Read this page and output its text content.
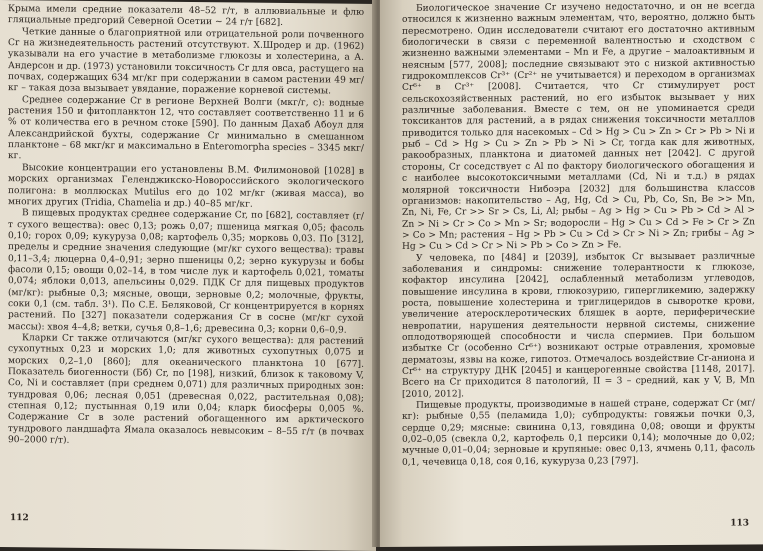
Крыма имели средние показатели 48–52 г/т, в аллювиальные и флю гляциальные предгорий Северной Осетии ~ 24 г/т [682].

Четкие данные о благоприятной или отрицательной роли почвенного Cr на жизнедеятельность растений отсутствуют. Х.Шродер и др. (1962) указывали на его участие в метаболизме глюкозы и холестерина, а А. Андерсон и др. (1973) установили токсичность Cr для овса, растущего на почвах, содержащих 634 мг/кг при содержании в самом растении 49 мг/кг – такая доза вызывает увядание, поражение корневой системы.

Среднее содержание Cr в регионе Верхней Волги (мкг/г, с): водные растения 150 и фитопланктон 12, что составляет соответственно 11 и 6 % от количества его в речном стоке [590]. По данным Дахаб Абоул для Александрийской бухты, содержание Cr минимально в смешанном планктоне – 68 мкг/кг и максимально в Enteromorpha species – 3345 мкг/кг.

Высокие концентрации его установлены В.М. Филимоновой [1028] в морских организмах Геленджикско-Новороссийского экологического полигона: в моллюсках Mutilus его до 102 мг/кг (живая масса), во многих других (Tridia, Chamelia и др.) 40–85 мг/кг.

В пищевых продуктах среднее содержание Cr, по [682], составляет (г/т сухого вещества): овес 0,13; рожь 0,07; пшеница мягкая 0,05; фасоль 0,10; горох 0,09; кукуруза 0,08; картофель 0,35; морковь 0,03. По [312], пределы и средние значения следующие (мг/кг сухого вещества): травы 0,11–3,4; люцерна 0,4–0,91; зерно пшеницы 0,2; зерно кукурузы и бобы фасоли 0,15; овощи 0,02–14, в том числе лук и картофель 0,021, томаты 0,074; яблоки 0,013, апельсины 0,029. ПДК Cr для пищевых продуктов (мг/кг): рыбные 0,3; мясные, овощи, зерновые 0,2; молочные, фрукты, соки 0,1 (см. табл. 3¹). По С.Е. Беляковой, Cr концентрируется в корнях растений. По [327] показатели содержания Cr в сосне (мг/кг сухой массы): хвоя 4–4,8; ветки, сучья 0,8–1,6; древесина 0,3; корни 0,6–0,9.

Кларки Cr также отличаются (мг/кг сухого вещества): для растений сухопутных 0,23 и морских 1,0; для животных сухопутных 0,075 и морских 0,2–1,0 [860]; для океанического планктона 10 [677]. Показатель биогенности (Бб) Cr, по [198], низкий, близок к таковому V, Co, Ni и составляет (при среднем 0,071) для различных природных зон: тундровая 0,06; лесная 0,051 (древесная 0,022, растительная 0,08); степная 0,12; пустынная 0,19 или 0,04; кларк биосферы 0,005 %. Содержание Cr в золе растений обогащенного им арктического тундрового ландшафта Ямала оказалось невысоким – 8–55 г/т (в почвах 90–2000 г/т).

112

Биологическое значение Cr изучено недостаточно, и он не всегда относился к жизненно важным элементам, что, вероятно, должно быть пересмотрено. Один исследователи считают его достаточно активным биологически в связи с переменной валентностью и сходством с жизненно важными элементами – Mn и Fe, а другие – малоактивным и неясным [577, 2008]; последние связывают это с низкой активностью гидрокомплексов Cr³⁺ (Cr²⁺ не учитывается) и переходом в организмах Cr⁶⁺ в Cr³⁺ [2008]. Считается, что Cr стимулирует рост сельскохозяйственных растений, но его избыток вызывает у них различные заболевания. Вместе с тем, он не упоминается среди токсикантов для растений, а в рядах снижения токсичности металлов приводится только для насекомых – Cd > Hg > Cu > Zn > Cr > Pb > Ni и рыб – Cd > Hg > Cu > Zn > Pb > Ni > Cr, тогда как для животных, ракообразных, планктона и диатомей данных нет [2042]. С другой стороны, Cr соседствует с Al по фактору биологического обогащения и с наиболее высокотоксичными металлами (Cd, Ni и т.д.) в рядах молярной токсичности Нибоэра [2032] для большинства классов организмов: накопительство – Ag, Hg, Cd > Cu, Pb, Co, Sn, Be >> Mn, Zn, Ni, Fe, Cr >> Sr > Cs, Li, Al; рыбы – Ag > Hg > Cu > Pb > Cd > Al > Zn > Ni > Cr > Co > Mn > Sr; водоросли – Hg > Cu > Cd > Fe > Cr > Zn > Co > Mn; растения – Hg > Pb > Cu > Cd > Cr > Ni > Zn; грибы – Ag > Hg > Cu > Cd > Cr > Ni > Pb > Co > Zn > Fe.

У человека, по [484] и [2039], избыток Cr вызывает различные заболевания и синдромы: снижение толерантности к глюкозе, кофактор инсулина [2042], ослабленный метаболизм углеводов, повышение инсулина в крови, глюкозурию, гипергликемию, задержку роста, повышение холестерина и триглицеридов в сыворотке крови, увеличение атеросклеротических бляшек в аорте, периферические невропатии, нарушения деятельности нервной системы, снижение оплодотворяющей способности и числа спермиев. При большом избытке Cr (особенно Cr⁶⁺) возникают острые отравления, хромовые дерматозы, язвы на коже, гипотоз. Отмечалось воздействие Cr-аниона и Cr⁶⁺ на структуру ДНК [2045] и канцерогенные свойства [1148, 2017]. Всего на Cr приходится 8 патологий, II = 3 – средний, как у V, B, Mn [2010, 2012].

Пищевые продукты, производимые в нашей стране, содержат Cr (мг/кг): рыбные 0,55 (пеламида 1,0); субпродукты: говяжьи почки 0,3, сердце 0,29; мясные: свинина 0,13, говядина 0,08; овощи и фрукты 0,02–0,05 (свекла 0,2, картофель 0,1 персики 0,14); молочные до 0,02; мучные 0,01–0,04; зерновые и крупяные: овес 0,13, ячмень 0,11, фасоль 0,1, чечевица 0,18, соя 0,16, кукуруза 0,23 [797].

113
